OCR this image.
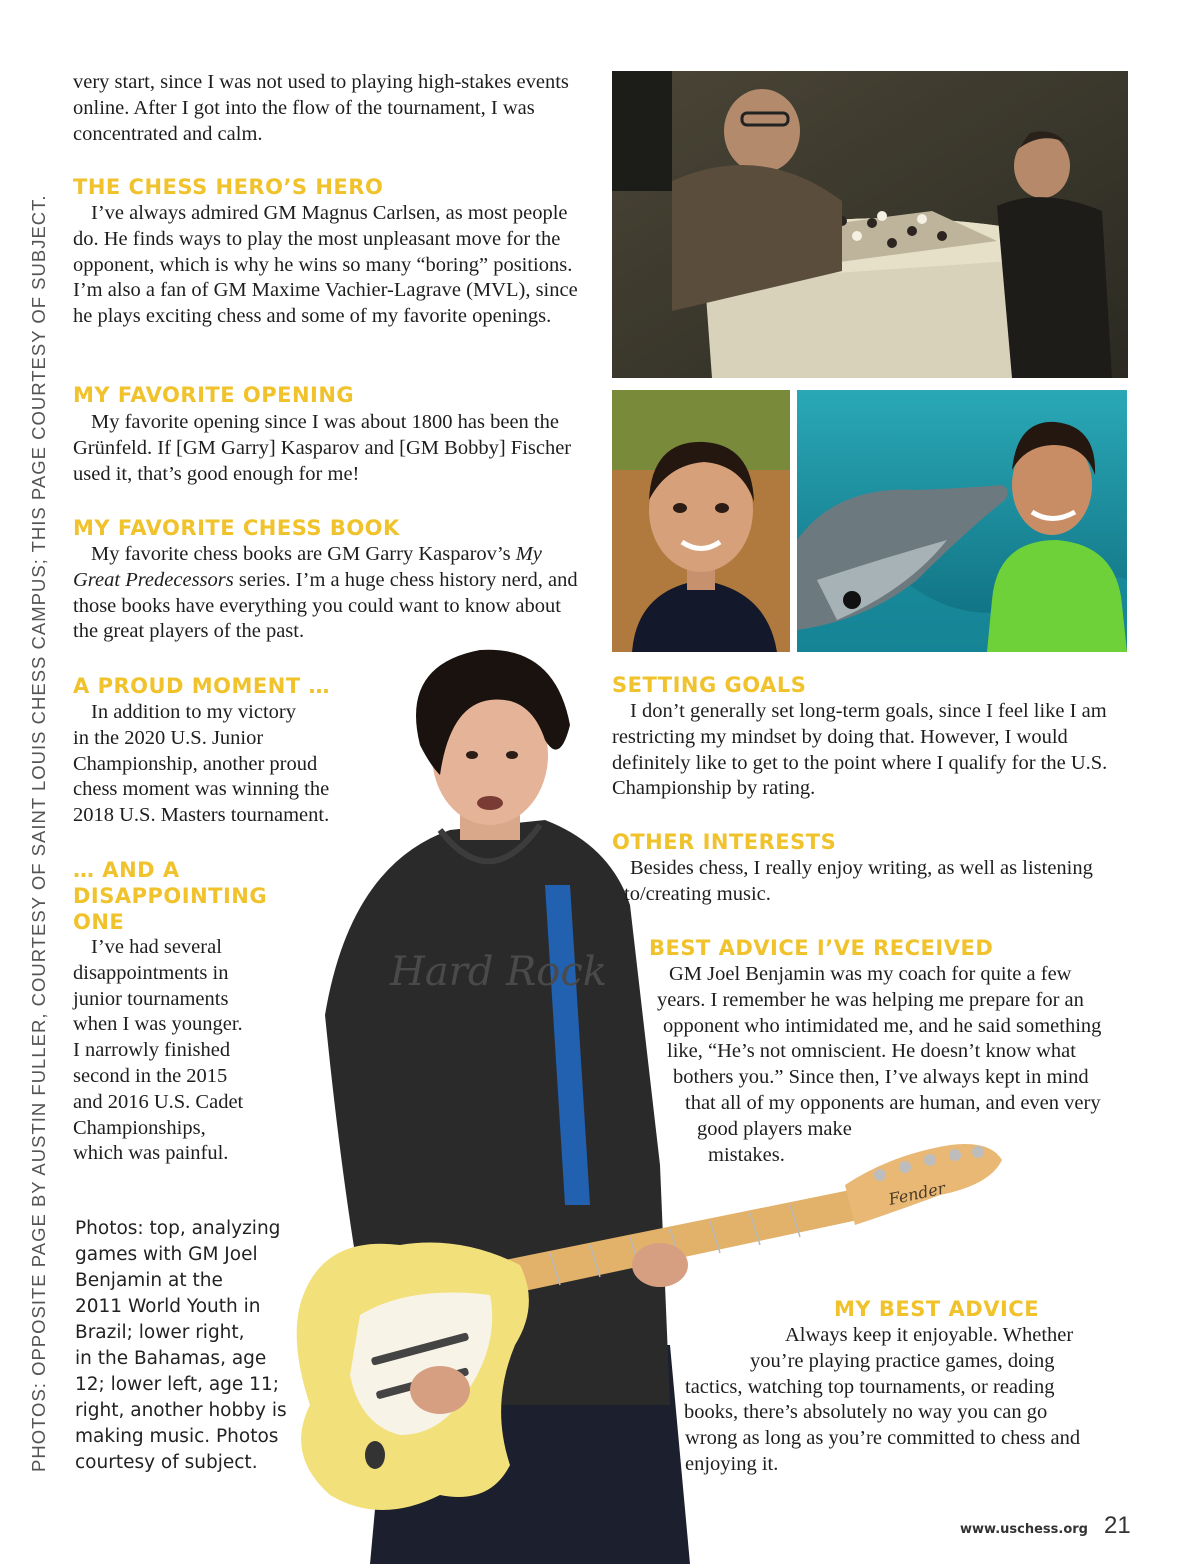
PHOTOS: OPPOSITE PAGE BY AUSTIN FULLER, COURTESY OF SAINT LOUIS CHESS CAMPUS; THIS PAGE COURTESY OF SUBJECT.

very start, since I was not used to playing high-stakes events online. After I got into the flow of the tournament, I was concentrated and calm.

THE CHESS HERO’S HERO

I’ve always admired GM Magnus Carlsen, as most people do. He finds ways to play the most unpleasant move for the opponent, which is why he wins so many “boring” positions. I’m also a fan of GM Maxime Vachier-Lagrave (MVL), since he plays exciting chess and some of my favorite openings.

MY FAVORITE OPENING

My favorite opening since I was about 1800 has been the Grünfeld. If [GM Garry] Kasparov and [GM Bobby] Fischer used it, that’s good enough for me!

MY FAVORITE CHESS BOOK

My favorite chess books are GM Garry Kasparov’s My Great Predecessors series. I’m a huge chess history nerd, and those books have everything you could want to know about the great players of the past.

A PROUD MOMENT …
In addition to my victory
in the 2020 U.S. Junior
Championship, another proud
chess moment was winning the
2018 U.S. Masters tournament.
… AND A
DISAPPOINTING
ONE
I’ve had several
disappointments in
junior tournaments
when I was younger.
I narrowly finished
second in the 2015
and 2016 U.S. Cadet
Championships,
which was painful.
Photos: top, analyzing
games with GM Joel
Benjamin at the
2011 World Youth in
Brazil; lower right,
in the Bahamas, age
12; lower left, age 11;
right, another hobby is
making music. Photos
courtesy of subject.
Hard Rock
Fender
SETTING GOALS

I don’t generally set long-term goals, since I feel like I am restricting my mindset by doing that. However, I would definitely like to get to the point where I qualify for the U.S. Championship by rating.

OTHER INTERESTS
Besides chess, I really enjoy writing, as well as listening
to/creating music.
BEST ADVICE I’VE RECEIVED
GM Joel Benjamin was my coach for quite a few
years. I remember he was helping me prepare for an
opponent who intimidated me, and he said something
like, “He’s not omniscient. He doesn’t know what
bothers you.” Since then, I’ve always kept in mind
that all of my opponents are human, and even very
good players make
mistakes.
MY BEST ADVICE
Always keep it enjoyable. Whether
you’re playing practice games, doing
tactics, watching top tournaments, or reading
books, there’s absolutely no way you can go
wrong as long as you’re committed to chess and
enjoying it.
www.uschess.org 21
